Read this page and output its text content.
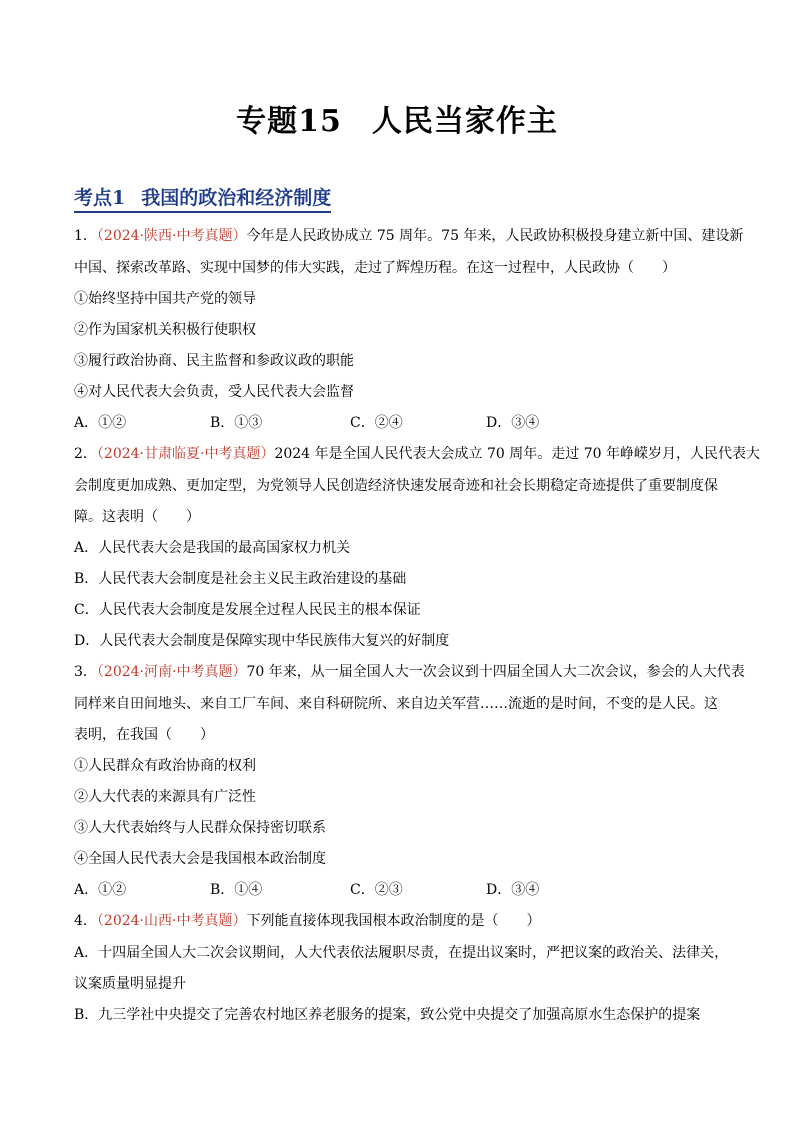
专题15 人民当家作主
考点1 我国的政治和经济制度
1．（2024·陕西·中考真题）今年是人民政协成立 75 周年。75 年来，人民政协积极投身建立新中国、建设新
中国、探索改革路、实现中国梦的伟大实践，走过了辉煌历程。在这一过程中，人民政协（　　）
①始终坚持中国共产党的领导
②作为国家机关积极行使职权
③履行政治协商、民主监督和参政议政的职能
④对人民代表大会负责，受人民代表大会监督
A．①②	B．①③	C．②④	D．③④
2．（2024·甘肃临夏·中考真题）2024 年是全国人民代表大会成立 70 周年。走过 70 年峥嵘岁月，人民代表大
会制度更加成熟、更加定型，为党领导人民创造经济快速发展奇迹和社会长期稳定奇迹提供了重要制度保
障。这表明（　　）
A．人民代表大会是我国的最高国家权力机关
B．人民代表大会制度是社会主义民主政治建设的基础
C．人民代表大会制度是发展全过程人民民主的根本保证
D．人民代表大会制度是保障实现中华民族伟大复兴的好制度
3．（2024·河南·中考真题）70 年来，从一届全国人大一次会议到十四届全国人大二次会议，参会的人大代表
同样来自田间地头、来自工厂车间、来自科研院所、来自边关军营……流逝的是时间，不变的是人民。这
表明，在我国（　　）
①人民群众有政治协商的权利
②人大代表的来源具有广泛性
③人大代表始终与人民群众保持密切联系
④全国人民代表大会是我国根本政治制度
A．①②	B．①④	C．②③	D．③④
4．（2024·山西·中考真题）下列能直接体现我国根本政治制度的是（　　）
A．十四届全国人大二次会议期间，人大代表依法履职尽责，在提出议案时，严把议案的政治关、法律关，
议案质量明显提升
B．九三学社中央提交了完善农村地区养老服务的提案，致公党中央提交了加强高原水生态保护的提案
